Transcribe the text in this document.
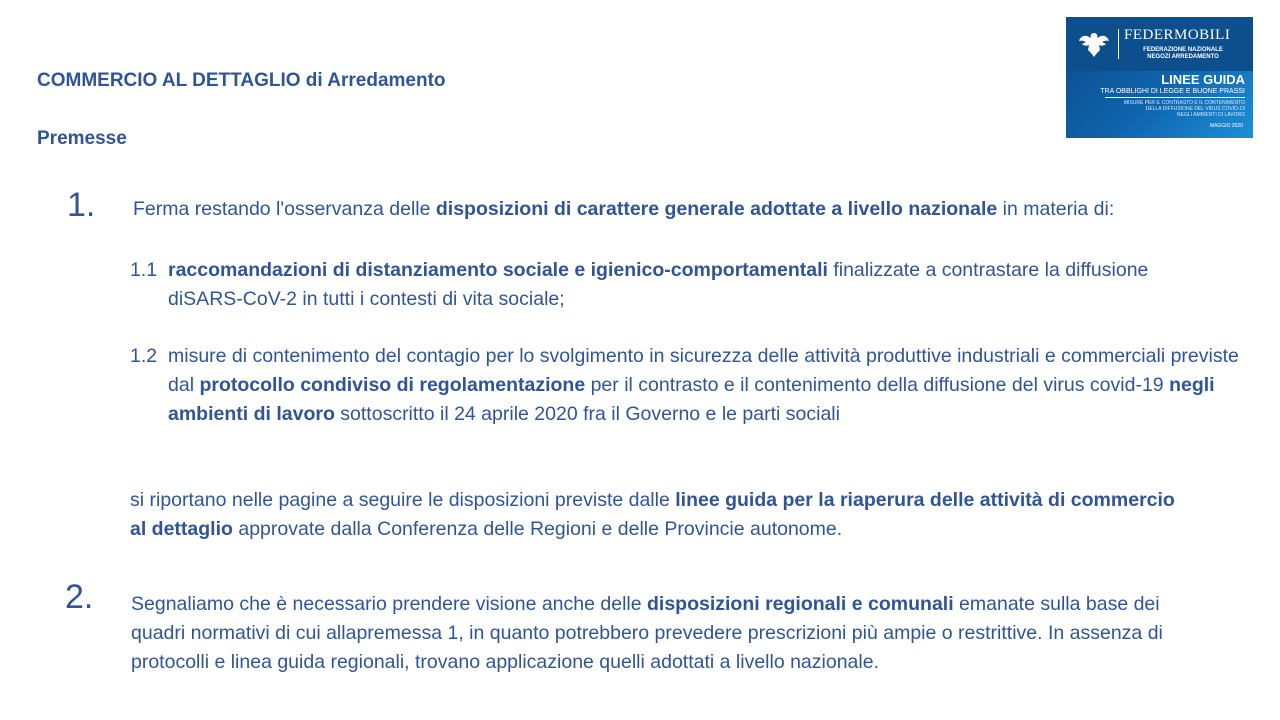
COMMERCIO AL DETTAGLIO di Arredamento
Premesse
FEDERMOBILI
FEDERAZIONE NAZIONALE
NEGOZI ARREDAMENTO
LINEE GUIDA
TRA OBBLIGHI DI LEGGE E BUONE PRASSI
MISURE PER IL CONTRASTO E IL CONTENIMENTO
DELLA DIFFUSIONE DEL VIRUS COVID-19
NEGLI AMBIENTI DI LAVORO
MAGGIO 2020
1. Ferma restando l'osservanza delle disposizioni di carattere generale adottate a livello nazionale in materia di:
1.1 raccomandazioni di distanziamento sociale e igienico-comportamentali finalizzate a contrastare la diffusione diSARS-CoV-2 in tutti i contesti di vita sociale;
1.2 misure di contenimento del contagio per lo svolgimento in sicurezza delle attività produttive industriali e commerciali previste dal protocollo condiviso di regolamentazione per il contrasto e il contenimento della diffusione del virus covid-19 negli ambienti di lavoro sottoscritto il 24 aprile 2020 fra il Governo e le parti sociali
si riportano nelle pagine a seguire le disposizioni previste dalle linee guida per la riaperura delle attività di commercio al dettaglio approvate dalla Conferenza delle Regioni e delle Provincie autonome.
2. Segnaliamo che è necessario prendere visione anche delle disposizioni regionali e comunali emanate sulla base dei quadri normativi di cui allapremessa 1, in quanto potrebbero prevedere prescrizioni più ampie o restrittive. In assenza di protocolli e linea guida regionali, trovano applicazione quelli adottati a livello nazionale.
